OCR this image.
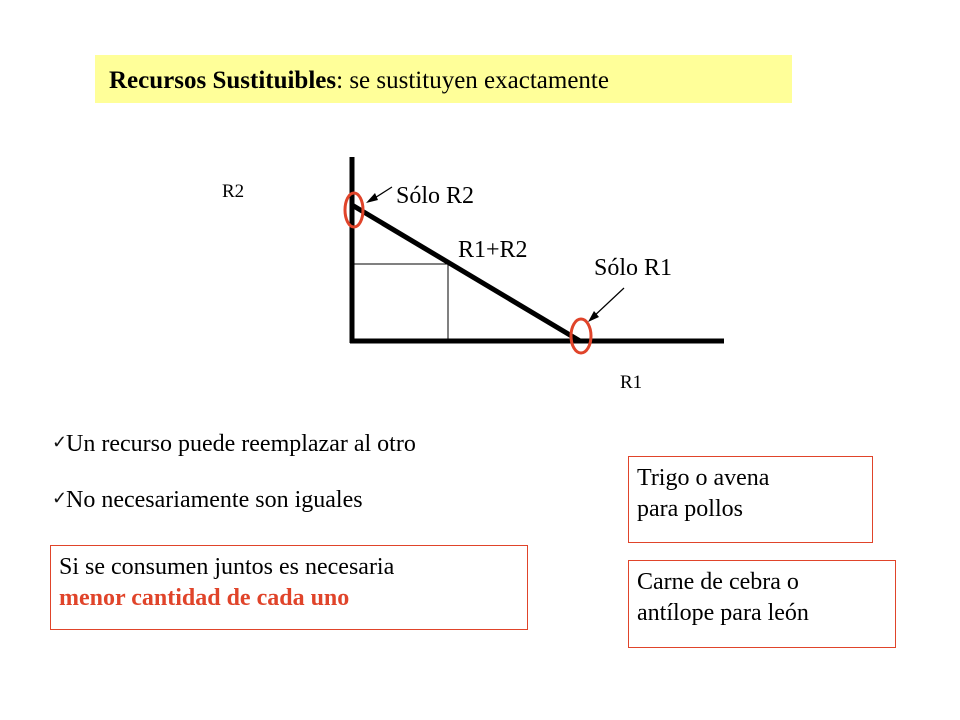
Recursos Sustituibles: se sustituyen exactamente
R2
R1
Sólo R2
R1+R2
Sólo R1
✓Un recurso puede reemplazar al otro
✓No necesariamente son iguales
Si se consumen juntos es necesaria
menor cantidad de cada uno
Trigo o avena
para pollos
Carne de cebra o
antílope para león
